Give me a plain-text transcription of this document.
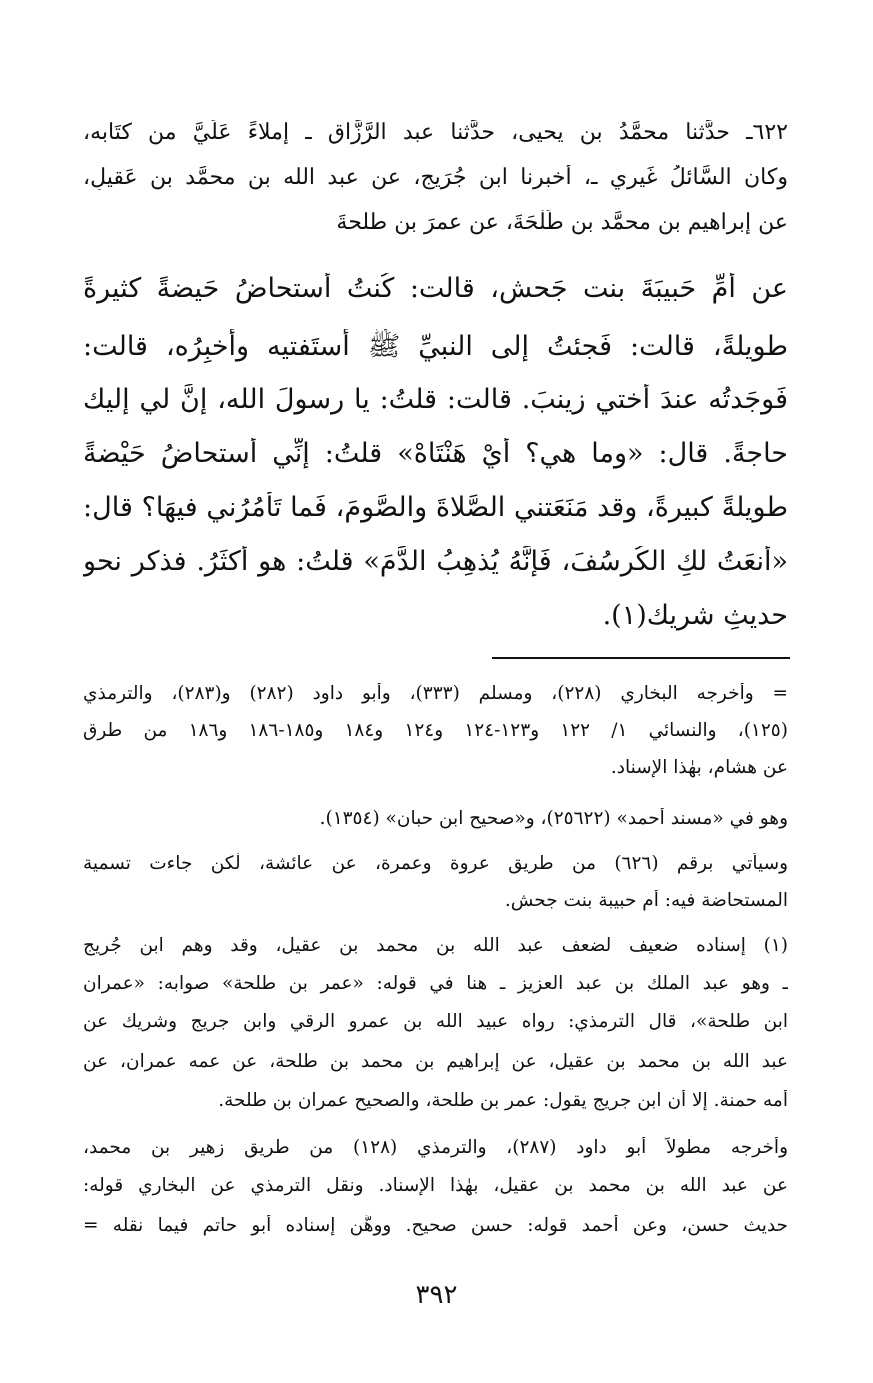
٦٢٢ـ حدَّثنا محمَّدُ بن يحيى، حدَّثنا عبد الرَّزَّاق ـ إملاءً عَلَيَّ من كتَابه،
وكان السَّائلُ غَيري ـ، أخبرنا ابن جُرَيجٍ، عن عبد الله بن محمَّد بن عَقيلٍ،
عن إبراهيم بن محمَّد بن طَلْحَةَ، عن عمرَ بن طلحةَ
عن أُمِّ حَبيبَةَ بنت جَحش، قالت: كُنتُ أُستحاضُ حَيضةً كثيرةً
طويلةً، قالت: فَجئتُ إلى النبيِّ ﷺ أَستَفتيه وأُخبِرُه، قالت:
فَوجَدتُه عندَ أُختي زينبَ. قالت: قلتُ: يا رسولَ الله، إنَّ لي إليك
حاجةً. قال: «وما هي؟ أَيْ هَنْتَاهْ» قلتُ: إنِّي أُستحاضُ حَيْضةً
طويلةً كبيرةً، وقد مَنَعَتني الصَّلاةَ والصَّومَ، فَما تَأمُرُني فيهَا؟ قال:
«أَنعَتُ لكِ الكُرسُفَ، فَإنَّهُ يُذهِبُ الدَّمَ» قلتُ: هو أَكثَرُ. فذكر نحو
حديثِ شريك(١).
= وأخرجه البخاري (٢٢٨)، ومسلم (٣٣٣)، وأبو داود (٢٨٢) و(٢٨٣)، والترمذي
(١٢٥)، والنسائي ١/ ١٢٢ و١٢٣-١٢٤ و١٢٤ و١٨٤ و١٨٥-١٨٦ و١٨٦ من طرق
عن هشام، بهٰذا الإسناد.
وهو في «مسند أحمد» (٢٥٦٢٢)، و«صحيح ابن حبان» (١٣٥٤).
وسيأتي برقم (٦٢٦) من طريق عروة وعمرة، عن عائشة، لٰكن جاءت تسمية
المستحاضة فيه: أم حبيبة بنت جحش.
(١) إسناده ضعيف لضعف عبد الله بن محمد بن عقيل، وقد وهم ابن جُريج
ـ وهو عبد الملك بن عبد العزيز ـ هنا في قوله: «عمر بن طلحة» صوابه: «عمران
ابن طلحة»، قال الترمذي: رواه عبيد الله بن عمرو الرقي وابن جريج وشريك عن
عبد الله بن محمد بن عقيل، عن إبراهيم بن محمد بن طلحة، عن عمه عمران، عن
أمه حمنة. إلا أن ابن جريج يقول: عمر بن طلحة، والصحيح عمران بن طلحة.
وأخرجه مطولاً أبو داود (٢٨٧)، والترمذي (١٢٨) من طريق زهير بن محمد،
عن عبد الله بن محمد بن عقيل، بهٰذا الإسناد. ونقل الترمذي عن البخاري قوله:
حديث حسن، وعن أحمد قوله: حسن صحيح. ووهَّن إسناده أبو حاتم فيما نقله =
٣٩٢
